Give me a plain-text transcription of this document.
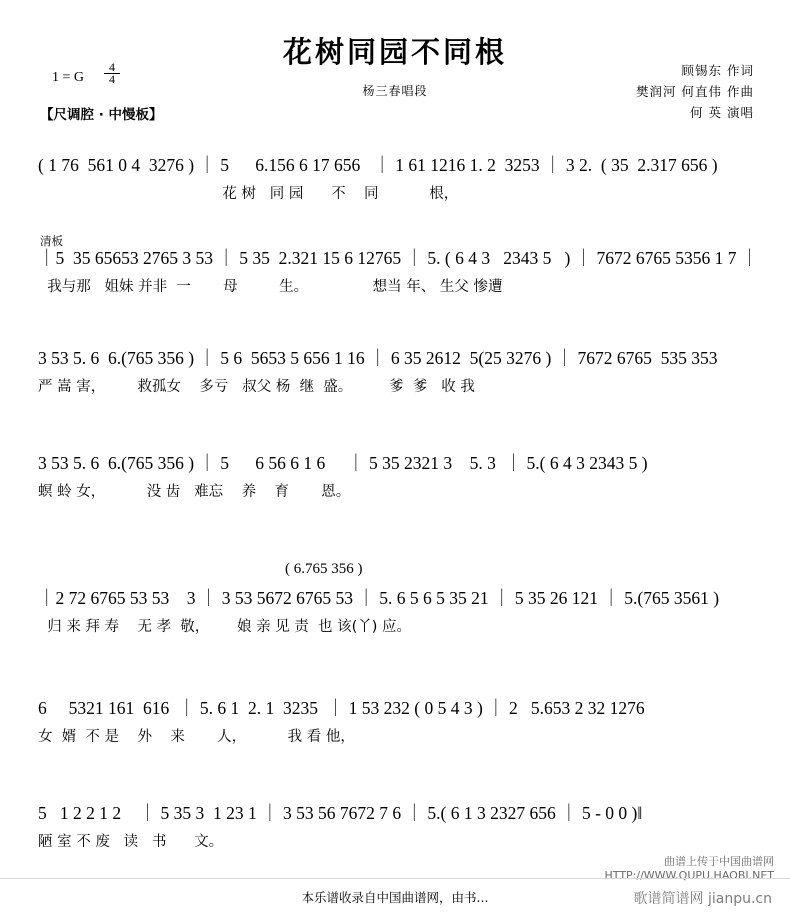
花树同园不同根
杨三春唱段
1 = G $\frac{4}{4}$
【尺调腔 · 中慢板】
顾锡东 作词
樊润河 何直伟 作曲
何 英 演唱
( 1 76  561 0 4  3276 ) ｜ 5      6.156 6 17 656   ｜ 1 61 1216 1. 2  3253 ｜ 3 2.  ( 35  2.317 656 )
花 树   同 园      不    同           根，
清板
｜5  35 65653 2765 3 53 ｜ 5 35  2.321 15 6 12765 ｜ 5. ( 6 4 3   2343 5   ) ｜ 7672 6765 5356 1 7 ｜
我与那   姐妹 并非  一       母         生。              想当 年、 生父 惨遭
3 53 5. 6  6.(765 356 ) ｜ 5 6  5653 5 656 1 16 ｜ 6 35 2612  5(25 3276 ) ｜ 7672 6765  535 353
严 嵩 害，       救孤女    多亏   叔父 杨  继  盛。        爹  爹   收 我
3 53 5. 6  6.(765 356 ) ｜ 5      6 56 6 1 6     ｜ 5 35 2321 3    5. 3  ｜ 5.( 6 4 3 2343 5 )
螟 蛉 女，         没 齿   难忘    养    育       恩。
( 6.765 356 )
｜2 72 6765 53 53    3 ｜ 3 53 5672 6765 53 ｜ 5. 6 5 6 5 35 21 ｜ 5 35 26 121 ｜ 5.(765 3561 )
归 来 拜 寿    无 孝  敬，      娘 亲 见 责  也 该(丫) 应。
6     5321 161  616  ｜ 5. 6 1  2. 1  3235  ｜ 1 53 232 ( 0 5 4 3 ) ｜ 2   5.653 2 32 1276
女  婿  不 是    外    来       人，         我 看 他，
5   1 2 2 1 2    ｜ 5 35 3  1 23 1 ｜ 3 53 56 7672 7 6 ｜ 5.( 6 1 3 2327 656 ｜ 5 - 0 0 )‖
陋 室 不 废   读   书      文。
曲谱上传于中国曲谱网
HTTP://WWW.QUPU.HAOBI.NET
本乐谱收录自中国曲谱网，由书...	歌谱简谱网 jianpu.cn
